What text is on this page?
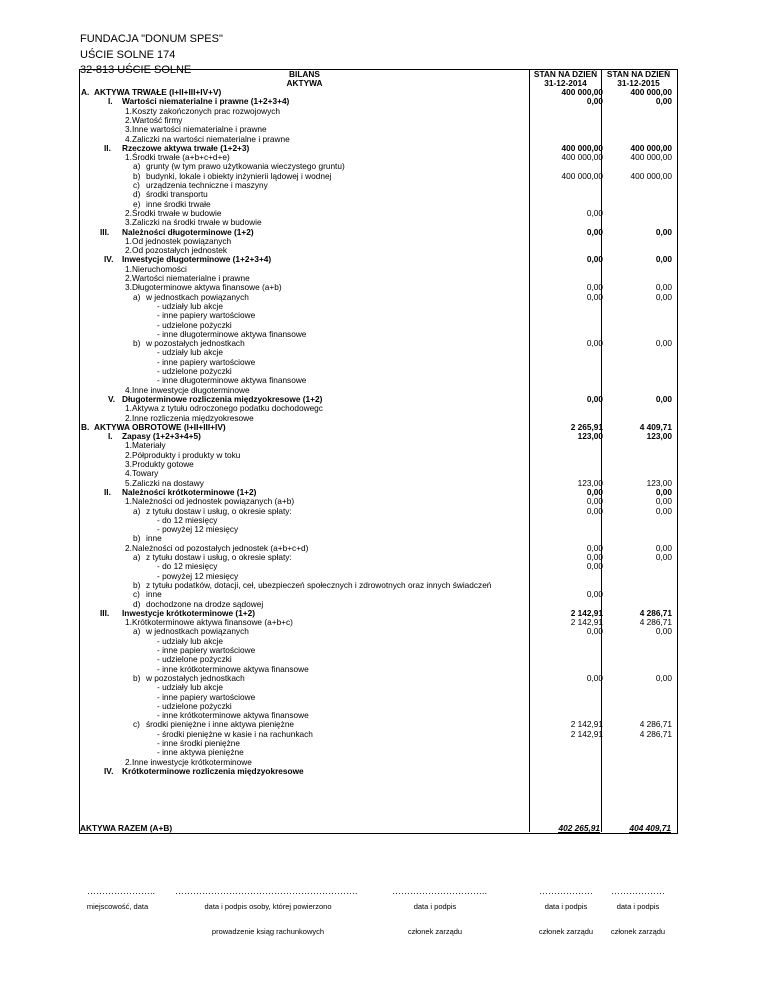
FUNDACJA "DONUM SPES"
UŚCIE SOLNE 174
32-813 UŚCIE SOLNE	BILANS
AKTYWA
STAN NA DZIEŃ
31-12-2014
STAN NA DZIEŃ
31-12-2015
A. AKTYWA TRWAŁE (I+II+III+IV+V)	400 000,00	400 000,00
I. Wartości niematerialne i prawne (1+2+3+4)	0,00	0,00
1. Koszty zakończonych prac rozwojowych
2. Wartość firmy
3. Inne wartości niematerialne i prawne
4. Zaliczki na wartości niematerialne i prawne
II. Rzeczowe aktywa trwałe (1+2+3)	400 000,00	400 000,00
1. Środki trwałe (a+b+c+d+e)	400 000,00	400 000,00
a) grunty (w tym prawo użytkowania wieczystego gruntu)
b) budynki, lokale i obiekty inżynierii lądowej i wodnej	400 000,00	400 000,00
c) urządzenia techniczne i maszyny
d) środki transportu
e) inne środki trwałe
2. Środki trwałe w budowie	0,00
3. Zaliczki na środki trwałe w budowie
III. Należności długoterminowe (1+2)	0,00	0,00
1. Od jednostek powiązanych
2. Od pozostałych jednostek
IV. Inwestycje długoterminowe (1+2+3+4)	0,00	0,00
1. Nieruchomości
2. Wartości niematerialne i prawne
3. Długoterminowe aktywa finansowe (a+b)	0,00	0,00
a) w jednostkach powiązanych	0,00	0,00
- udziały lub akcje
- inne papiery wartościowe
- udzielone pożyczki
- inne długoterminowe aktywa finansowe
b) w pozostałych jednostkach	0,00	0,00
- udziały lub akcje
- inne papiery wartościowe
- udzielone pożyczki
- inne długoterminowe aktywa finansowe
4. Inne inwestycje długoterminowe
V. Długoterminowe rozliczenia międzyokresowe (1+2)	0,00	0,00
1. Aktywa z tytułu odroczonego podatku dochodowegc
2. Inne rozliczenia międzyokresowe
B. AKTYWA OBROTOWE (I+II+III+IV)	2 265,91	4 409,71
I. Zapasy (1+2+3+4+5)	123,00	123,00
1. Materiały
2. Półprodukty i produkty w toku
3. Produkty gotowe
4. Towary
5. Zaliczki na dostawy	123,00	123,00
II. Należności krótkoterminowe (1+2)	0,00	0,00
1. Należności od jednostek powiązanych (a+b)	0,00	0,00
a) z tytułu dostaw i usług, o okresie spłaty:	0,00	0,00
- do 12 miesięcy
- powyżej 12 miesięcy
b) inne
2. Należności od pozostałych jednostek (a+b+c+d)	0,00	0,00
a) z tytułu dostaw i usług, o okresie spłaty:	0,00	0,00
- do 12 miesięcy	0,00
- powyżej 12 miesięcy
b) z tytułu podatków, dotacji, ceł, ubezpieczeń społecznych i zdrowotnych oraz innych świadczeń
c) inne	0,00
d) dochodzone na drodze sądowej
III. Inwestycje krótkoterminowe (1+2)	2 142,91	4 286,71
1. Krótkoterminowe aktywa finansowe (a+b+c)	2 142,91	4 286,71
a) w jednostkach powiązanych	0,00	0,00
- udziały lub akcje
- inne papiery wartościowe
- udzielone pożyczki
- inne krótkoterminowe aktywa finansowe
b) w pozostałych jednostkach	0,00	0,00
- udziały lub akcje
- inne papiery wartościowe
- udzielone pożyczki
- inne krótkoterminowe aktywa finansowe
c) środki pieniężne i inne aktywa pieniężne	2 142,91	4 286,71
- środki pieniężne w kasie i na rachunkach	2 142,91	4 286,71
- inne środki pieniężne
- inne aktywa pieniężne
2. Inne inwestycje krótkoterminowe
IV. Krótkoterminowe rozliczenia międzyokresowe
AKTYWA RAZEM (A+B)	402 265,91	404 409,71
………………….. …………………………………………………….	…………………………..	……………… ………………
miejscowość, data	data i podpis osoby, której powierzono
prowadzenie ksiąg rachunkowych
data i podpis
członek zarządu
data i podpis
członek zarządu
data i podpis
członek zarządu
